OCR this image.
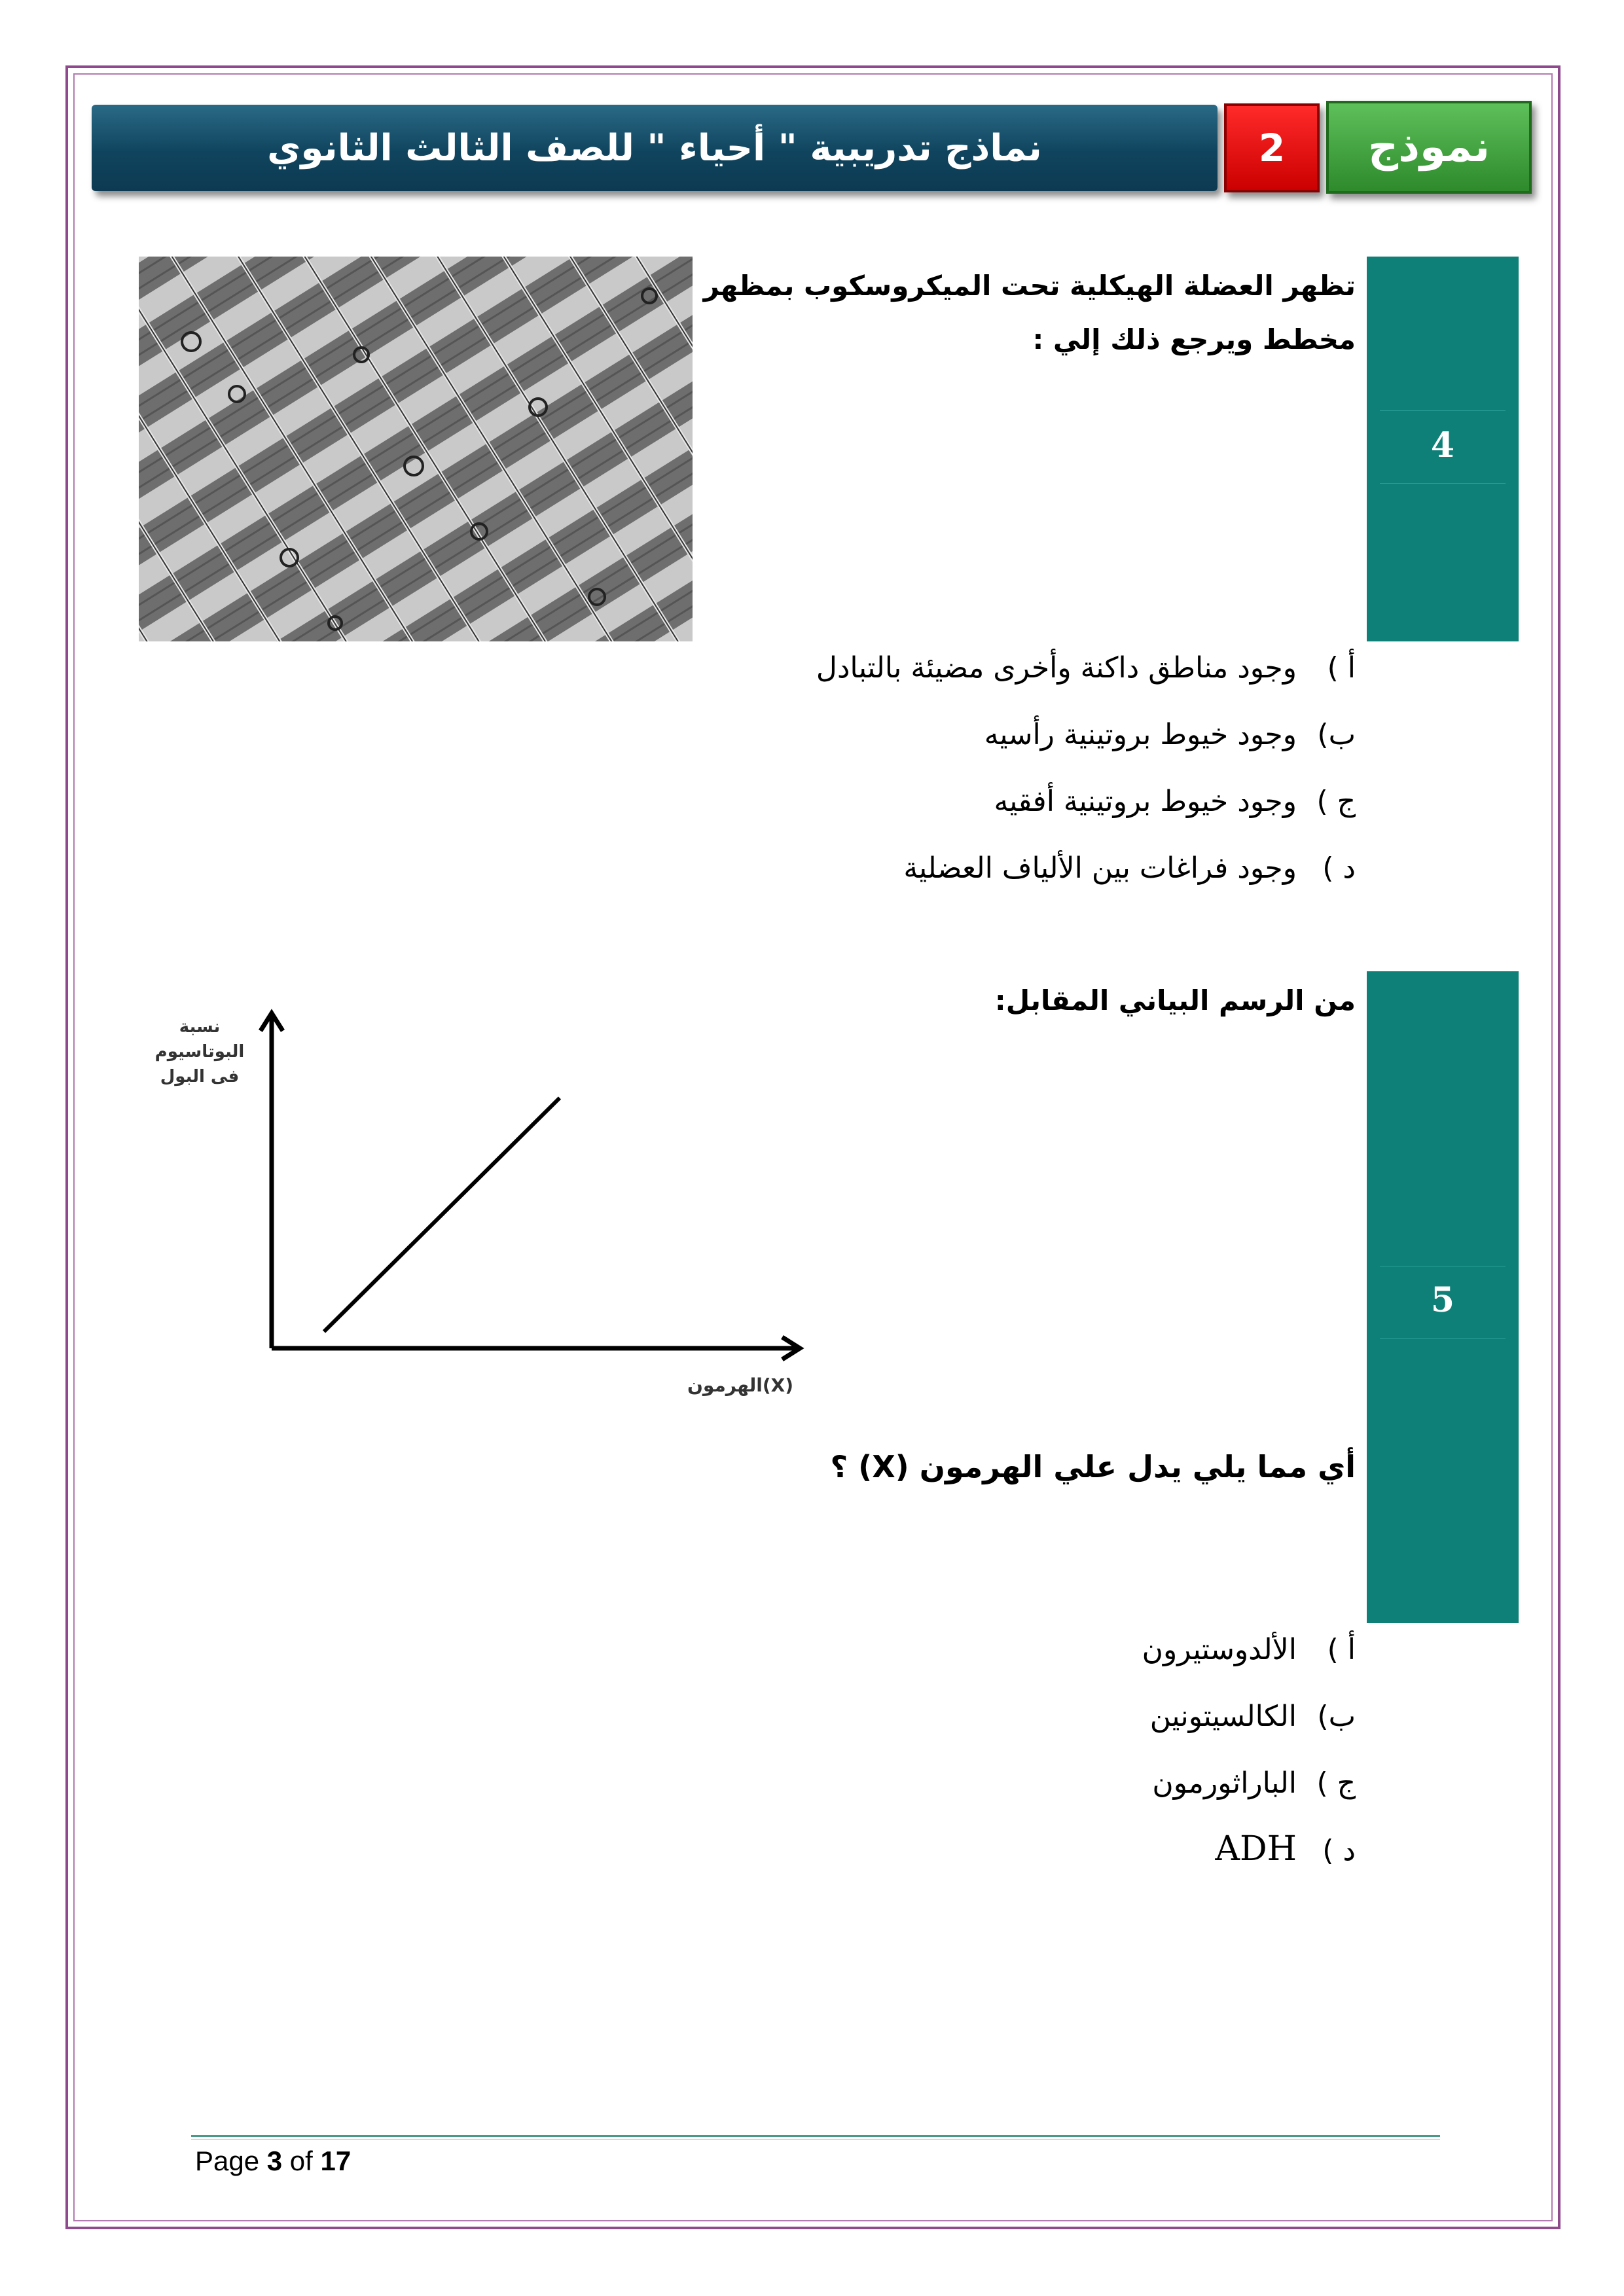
نماذج تدريبية " أحياء " للصف الثالث الثانوي	2	نموذج
4
تظهر العضلة الهيكلية تحت الميكروسكوب بمظهر
مخطط ويرجع ذلك إلي :
أ )وجود مناطق داكنة وأخرى مضيئة بالتبادل
ب)وجود خيوط بروتينية رأسيه
ج )وجود خيوط بروتينية أفقيه
د )وجود فراغات بين الألياف العضلية
5
من الرسم البياني المقابل:
نسبة البوتاسيوم فى البول
الهرمون(X)
أي مما يلي يدل علي الهرمون (X) ؟
أ )الألدوستيرون
ب)الكالسيتونين
ج )الباراثورمون
د )ADH
Page 3 of 17
